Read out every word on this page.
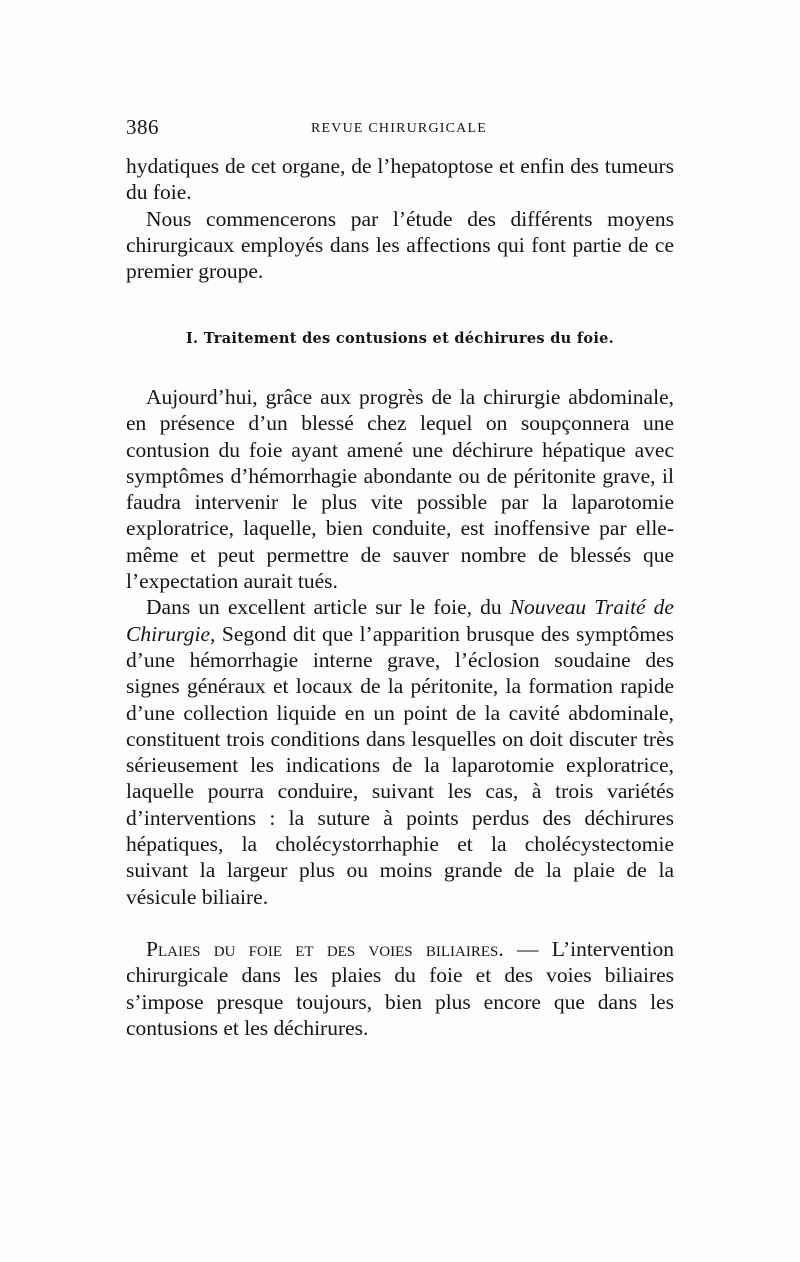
386	REVUE CHIRURGICALE

hydatiques de cet organe, de l’hepatoptose et enfin des tumeurs du foie.

Nous commencerons par l’étude des différents moyens chirurgicaux employés dans les affections qui font partie de ce premier groupe.

I. Traitement des contusions et déchirures du foie.

Aujourd’hui, grâce aux progrès de la chirurgie abdominale, en présence d’un blessé chez lequel on soupçonnera une contusion du foie ayant amené une déchirure hépatique avec symptômes d’hémorrhagie abondante ou de péritonite grave, il faudra intervenir le plus vite possible par la laparotomie exploratrice, laquelle, bien conduite, est inoffensive par elle-même et peut permettre de sauver nombre de blessés que l’expectation aurait tués.

Dans un excellent article sur le foie, du Nouveau Traité de Chirurgie, Segond dit que l’apparition brusque des symptômes d’une hémorrhagie interne grave, l’éclosion soudaine des signes généraux et locaux de la péritonite, la formation rapide d’une collection liquide en un point de la cavité abdominale, constituent trois conditions dans lesquelles on doit discuter très sérieusement les indications de la laparotomie exploratrice, laquelle pourra conduire, suivant les cas, à trois variétés d’interventions : la suture à points perdus des déchirures hépatiques, la cholécystorrhaphie et la cholécystectomie suivant la largeur plus ou moins grande de la plaie de la vésicule biliaire.

Plaies du foie et des voies biliaires. — L’intervention chirurgicale dans les plaies du foie et des voies biliaires s’impose presque toujours, bien plus encore que dans les contusions et les déchirures.
